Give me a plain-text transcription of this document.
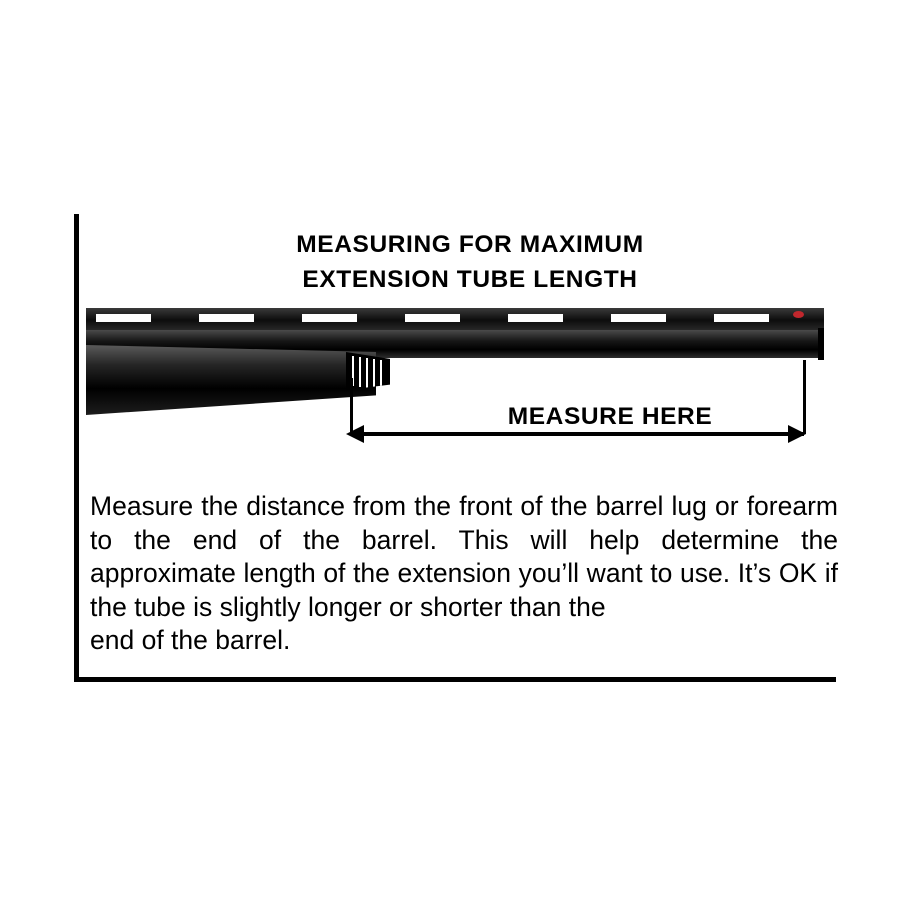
MEASURING FOR MAXIMUM
EXTENSION TUBE LENGTH
MEASURE HERE
Measure the distance from the front of the barrel lug or forearm to the end of the barrel. This will help determine the approximate length of the extension you’ll want to use. It’s OK if the tube is slightly longer or shorter than the
end of the barrel.
